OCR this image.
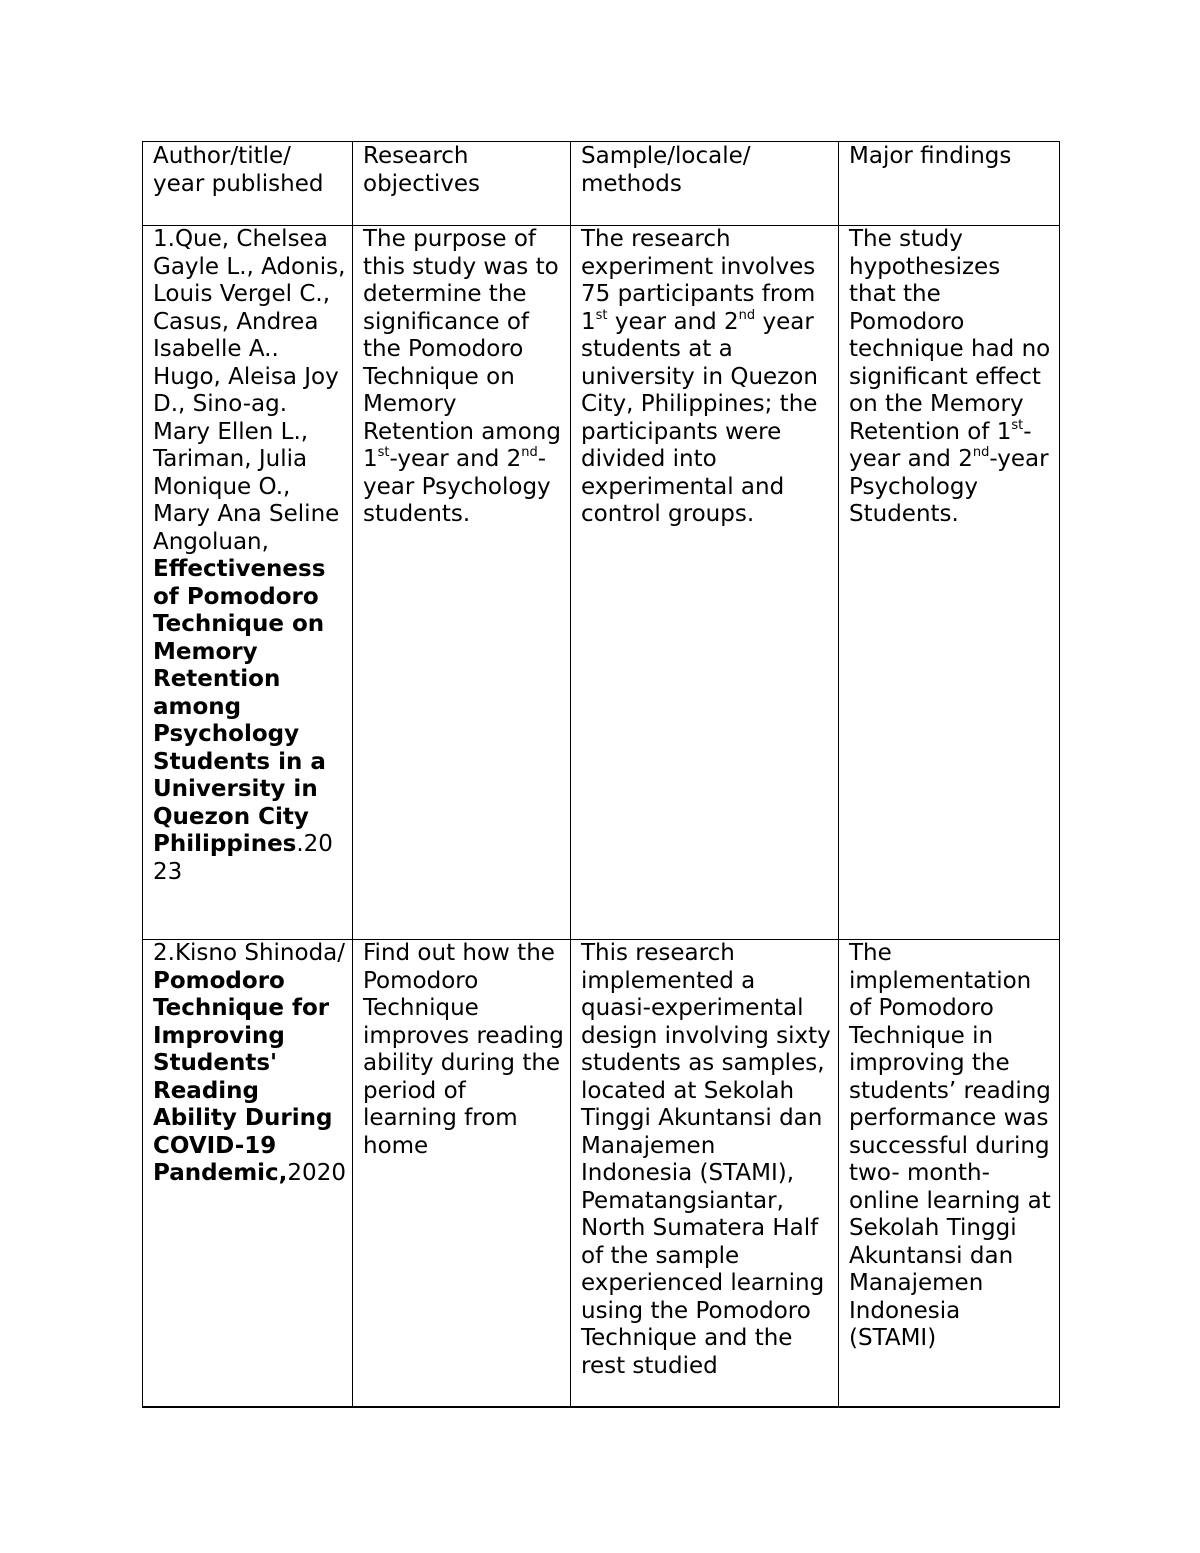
Author/title/ year published	Research objectives	Sample/locale/ methods	Major findings
1.Que, Chelsea Gayle L., Adonis, Louis Vergel C., Casus, Andrea Isabelle A.. Hugo, Aleisa Joy D., Sino-ag. Mary Ellen L., Tariman, Julia Monique O., Mary Ana Seline Angoluan, Effectiveness of Pomodoro Technique on Memory Retention among Psychology Students in a University in Quezon City Philippines.2023	The purpose of this study was to determine the significance of the Pomodoro Technique on Memory Retention among 1st-year and 2nd-year Psychology students.	The research experiment involves 75 participants from 1st year and 2nd year students at a university in Quezon City, Philippines; the participants were divided into experimental and control groups.	The study hypothesizes that the Pomodoro technique had no significant effect on the Memory Retention of 1st-year and 2nd-year Psychology Students.
2.Kisno Shinoda/ Pomodoro Technique for Improving Students' Reading Ability During COVID-19 Pandemic,2020	Find out how the Pomodoro Technique improves reading ability during the period of learning from home	This research implemented a quasi-experimental design involving sixty students as samples, located at Sekolah Tinggi Akuntansi dan Manajemen Indonesia (STAMI), Pematangsiantar, North Sumatera Half of the sample experienced learning using the Pomodoro Technique and the rest studied	The implementation of Pomodoro Technique in improving the students’ reading performance was successful during two- month- online learning at Sekolah Tinggi Akuntansi dan Manajemen Indonesia (STAMI)
